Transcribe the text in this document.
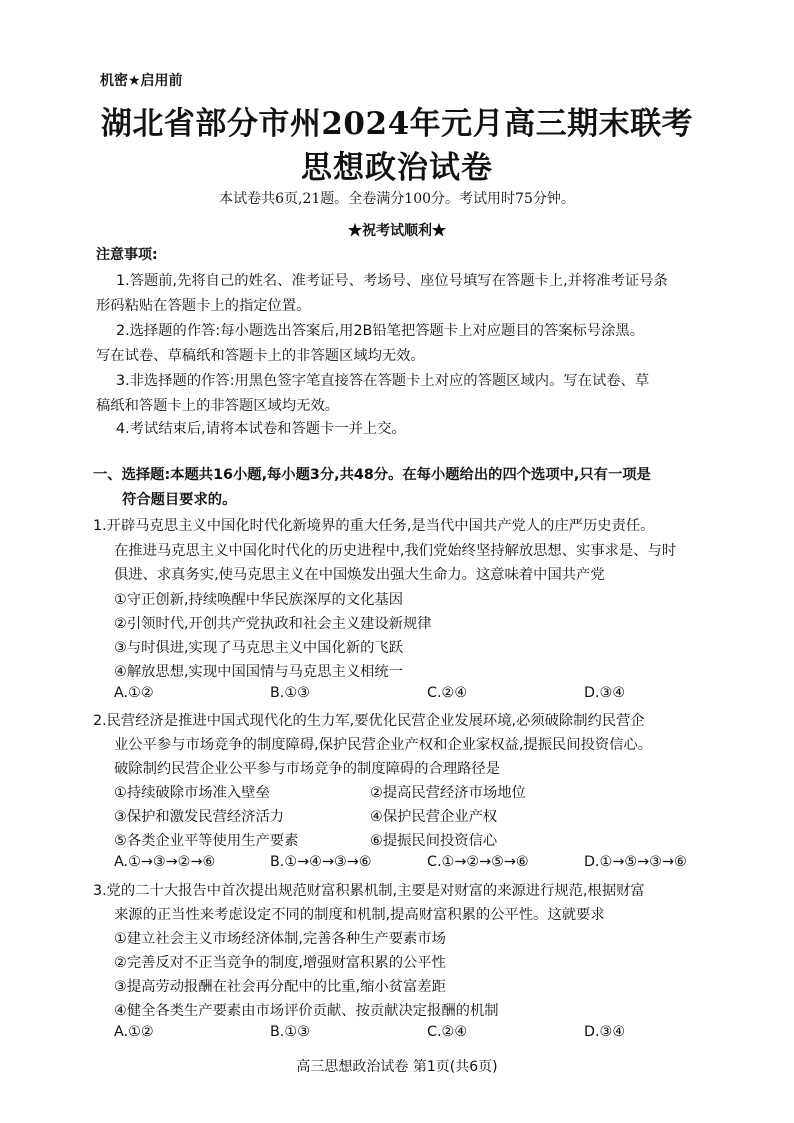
机密★启用前
湖北省部分市州2024年元月高三期末联考
思想政治试卷
本试卷共6页,21题。全卷满分100分。考试用时75分钟。
★祝考试顺利★
注意事项:
1.答题前,先将自己的姓名、准考证号、考场号、座位号填写在答题卡上,并将准考证号条
形码粘贴在答题卡上的指定位置。
2.选择题的作答:每小题选出答案后,用2B铅笔把答题卡上对应题目的答案标号涂黑。
写在试卷、草稿纸和答题卡上的非答题区域均无效。
3.非选择题的作答:用黑色签字笔直接答在答题卡上对应的答题区域内。写在试卷、草
稿纸和答题卡上的非答题区域均无效。
4.考试结束后,请将本试卷和答题卡一并上交。
一、选择题:本题共16小题,每小题3分,共48分。在每小题给出的四个选项中,只有一项是
符合题目要求的。
1.开辟马克思主义中国化时代化新境界的重大任务,是当代中国共产党人的庄严历史责任。
在推进马克思主义中国化时代化的历史进程中,我们党始终坚持解放思想、实事求是、与时
俱进、求真务实,使马克思主义在中国焕发出强大生命力。这意味着中国共产党
①守正创新,持续唤醒中华民族深厚的文化基因
②引领时代,开创共产党执政和社会主义建设新规律
③与时俱进,实现了马克思主义中国化新的飞跃
④解放思想,实现中国国情与马克思主义相统一
A.①②	B.①③	C.②④	D.③④
2.民营经济是推进中国式现代化的生力军,要优化民营企业发展环境,必须破除制约民营企
业公平参与市场竞争的制度障碍,保护民营企业产权和企业家权益,提振民间投资信心。
破除制约民营企业公平参与市场竞争的制度障碍的合理路径是
①持续破除市场准入壁垒	②提高民营经济市场地位
③保护和激发民营经济活力	④保护民营企业产权
⑤各类企业平等使用生产要素	⑥提振民间投资信心
A.①→③→②→⑥	B.①→④→③→⑥	C.①→②→⑤→⑥	D.①→⑤→③→⑥
3.党的二十大报告中首次提出规范财富积累机制,主要是对财富的来源进行规范,根据财富
来源的正当性来考虑设定不同的制度和机制,提高财富积累的公平性。这就要求
①建立社会主义市场经济体制,完善各种生产要素市场
②完善反对不正当竞争的制度,增强财富积累的公平性
③提高劳动报酬在社会再分配中的比重,缩小贫富差距
④健全各类生产要素由市场评价贡献、按贡献决定报酬的机制
A.①②	B.①③	C.②④	D.③④
高三思想政治试卷 第1页(共6页)
